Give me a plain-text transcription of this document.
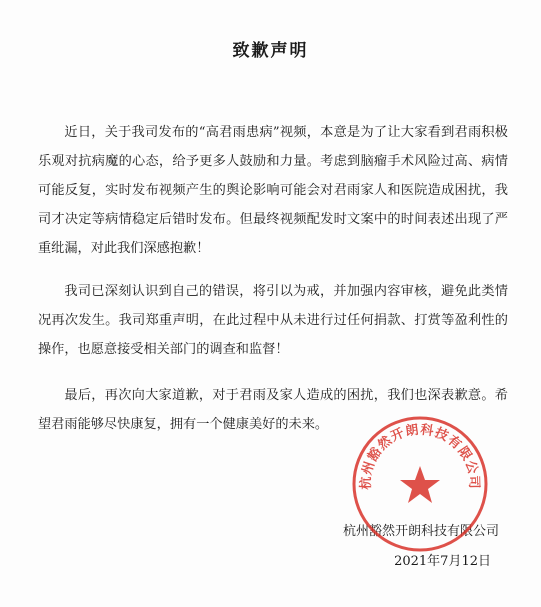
致歉声明
近日，关于我司发布的“高君雨患病”视频，本意是为了让大家看到君雨积极乐观对抗病魔的心态，给予更多人鼓励和力量。考虑到脑瘤手术风险过高、病情可能反复，实时发布视频产生的舆论影响可能会对君雨家人和医院造成困扰，我司才决定等病情稳定后错时发布。但最终视频配发时文案中的时间表述出现了严重纰漏，对此我们深感抱歉！
我司已深刻认识到自己的错误，将引以为戒，并加强内容审核，避免此类情况再次发生。我司郑重声明，在此过程中从未进行过任何捐款、打赏等盈利性的操作，也愿意接受相关部门的调查和监督！
最后，再次向大家道歉，对于君雨及家人造成的困扰，我们也深表歉意。希望君雨能够尽快康复，拥有一个健康美好的未来。
杭州豁然开朗科技有限公司
2021年7月12日
杭州豁然开朗科技有限公司
